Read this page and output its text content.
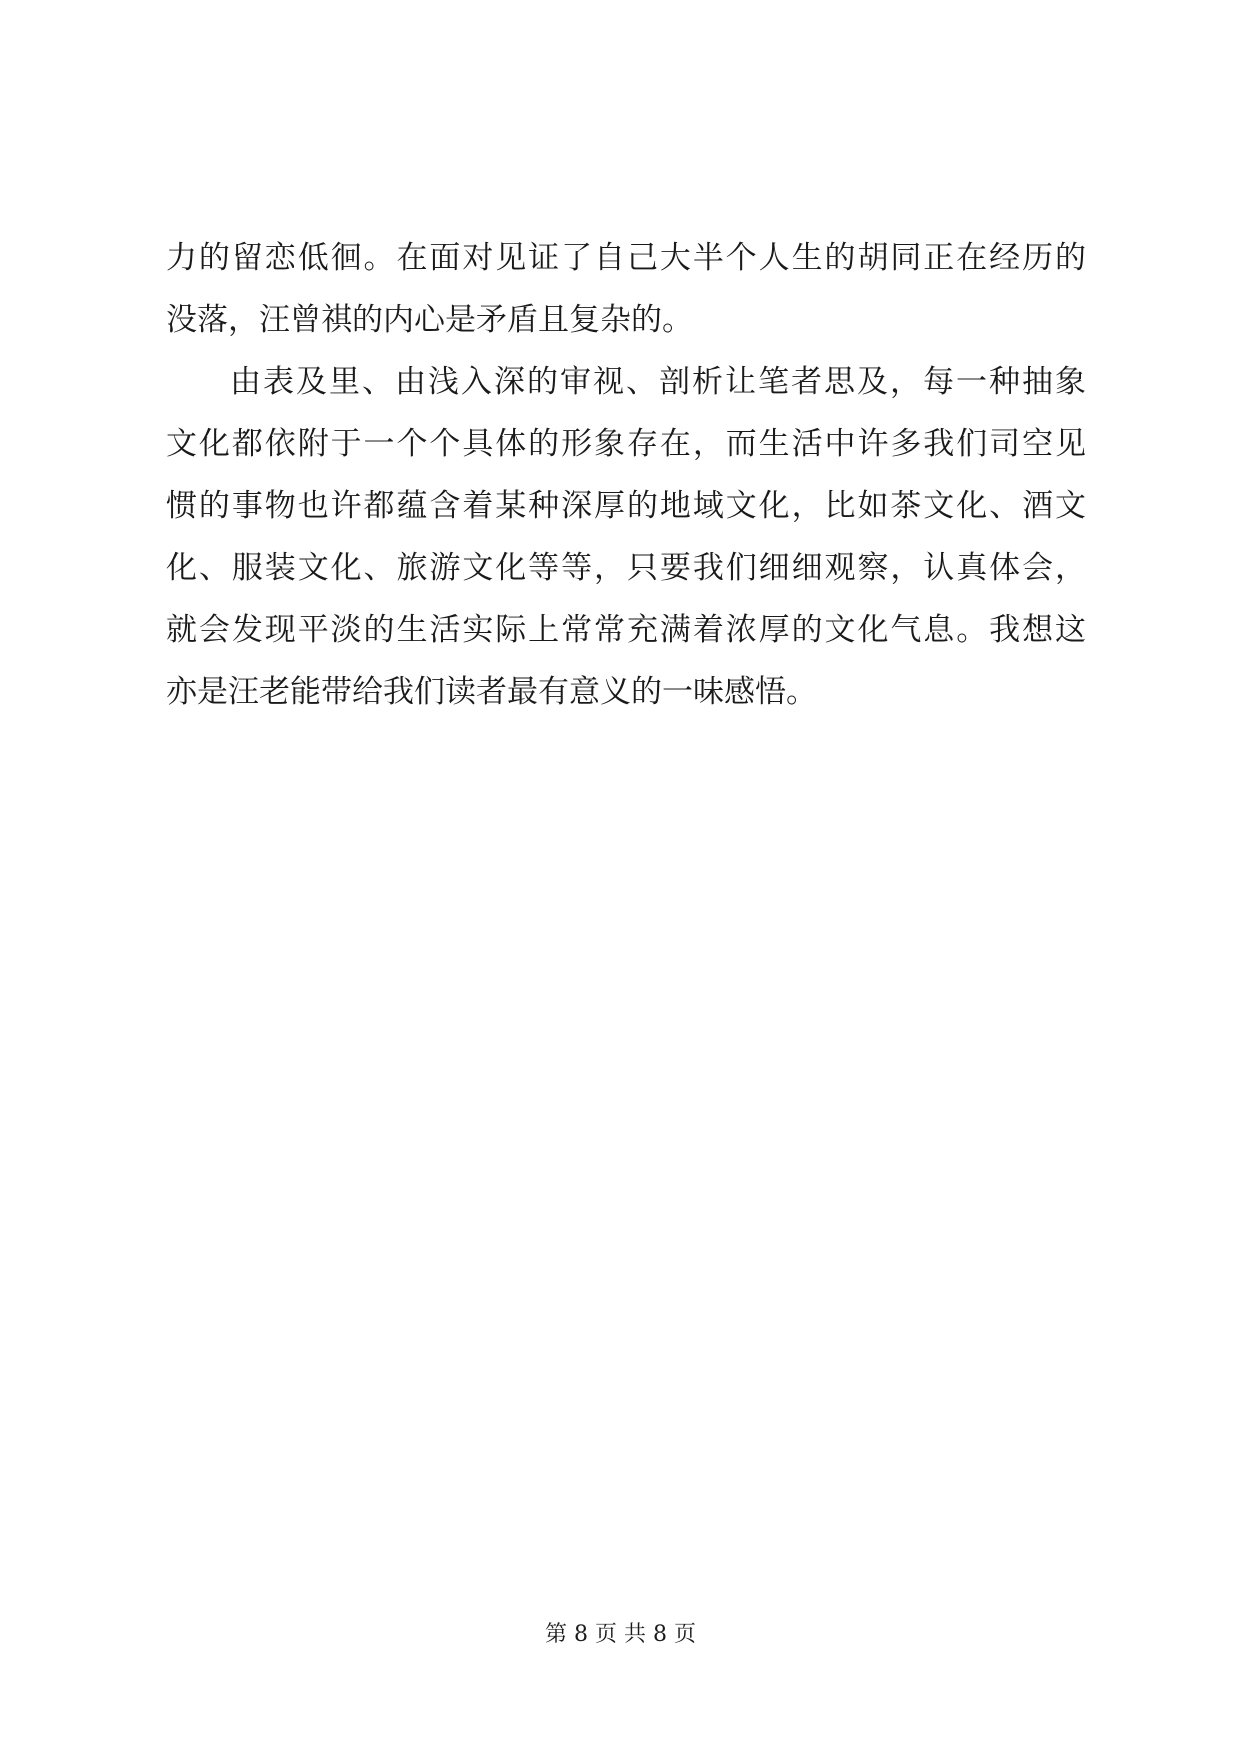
力的留恋低徊。在面对见证了自己大半个人生的胡同正在经历的
没落，汪曾祺的内心是矛盾且复杂的。
由表及里、由浅入深的审视、剖析让笔者思及，每一种抽象
文化都依附于一个个具体的形象存在，而生活中许多我们司空见
惯的事物也许都蕴含着某种深厚的地域文化，比如茶文化、酒文
化、服装文化、旅游文化等等，只要我们细细观察，认真体会，
就会发现平淡的生活实际上常常充满着浓厚的文化气息。我想这
亦是汪老能带给我们读者最有意义的一味感悟。
第 8 页 共 8 页
